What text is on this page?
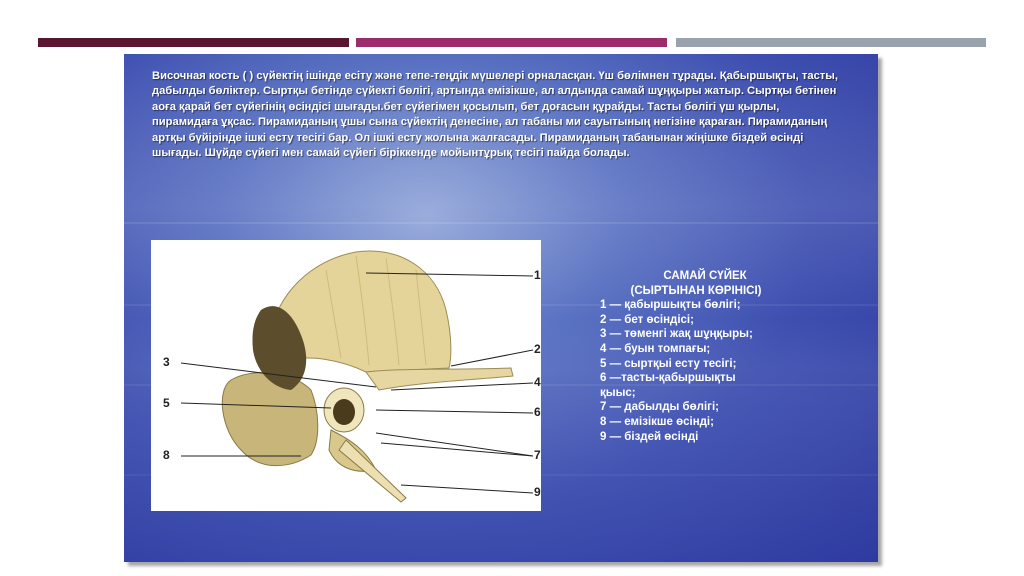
Височная кость ( ) сүйектің ішінде есіту және тепе-теңдік мүшелері орналасқан. Үш бөлімнен тұрады. Қабыршықты, тасты, дабылды бөліктер. Сыртқы бетінде сүйекті бөлігі, артында емізікше, ал алдында самай шұңқыры жатыр. Сыртқы бетінен аоға қарай бет сүйегінің өсіндісі шығады.бет сүйегімен қосылып, бет доғасын құрайды. Тасты бөлігі үш қырлы, пирамидаға ұқсас. Пирамиданың ұшы сына сүйектің денесіне, ал табаны ми сауытының негізіне қараған. Пирамиданың артқы бүйірінде ішкі есту тесігі бар. Ол ішкі есту жолына жалғасады. Пирамиданың табанынан жіңішке біздей өсінді шығады. Шүйде сүйегі мен самай сүйегі біріккенде мойынтұрық тесігі пайда болады.

1
2
3
4
5
6
7
8
9
САМАЙ СҮЙЕК
(СЫРТЫНАН КӨРІНІСІ)
1 — қабыршықты бөлігі;
2 — бет өсіндісі;
3 — төменгі жақ шұңқыры;
4 — буын томпағы;
5 — сыртқыі есту тесігі;
6 —тасты-қабыршықты
қыыс;
7 — дабылды бөлігі;
8 — емізікше өсінді;
9 — біздей өсінді
